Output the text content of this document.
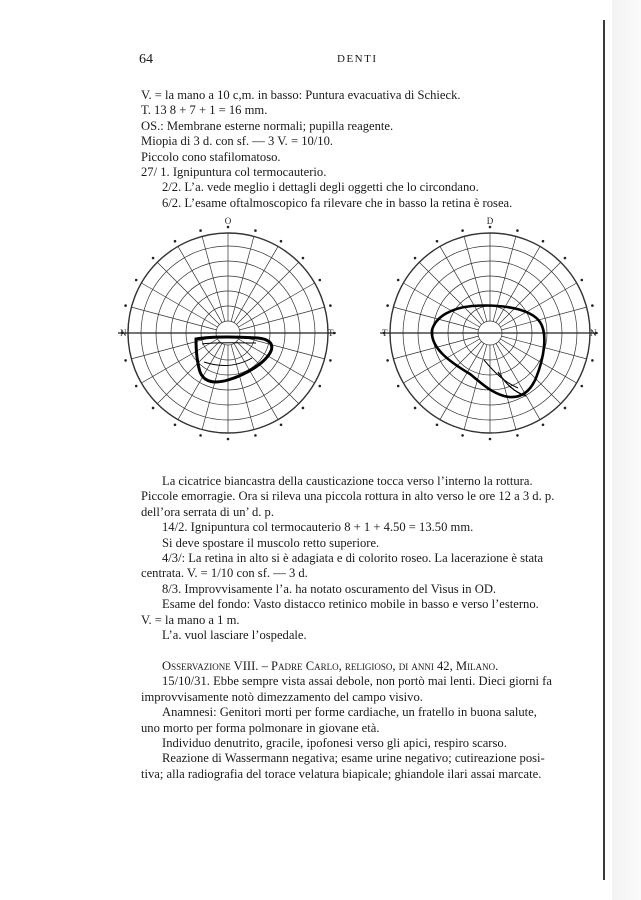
64	DENTI
V. = la mano a 10 c,m. in basso: Puntura evacuativa di Schieck.
T. 13 8 + 7 + 1 = 16 mm.
OS.: Membrane esterne normali; pupilla reagente.
Miopia di 3 d. con sf. — 3 V. = 10/10.
Piccolo cono stafilomatoso.
27/ 1. Ignipuntura col termocauterio.
2/2. L’a. vede meglio i dettagli degli oggetti che lo circondano.
6/2. L’esame oftalmoscopico fa rilevare che in basso la retina è rosea.
O
N	T
D
T	N
La cicatrice biancastra della causticazione tocca verso l’interno la rottura.
Piccole emorragie. Ora si rileva una piccola rottura in alto verso le ore 12 a 3 d. p.
dell’ora serrata di un’ d. p.
14/2. Ignipuntura col termocauterio 8 + 1 + 4.50 = 13.50 mm.
Si deve spostare il muscolo retto superiore.
4/3/: La retina in alto si è adagiata e di colorito roseo. La lacerazione è stata
centrata. V. = 1/10 con sf. — 3 d.
8/3. Improvvisamente l’a. ha notato oscuramento del Visus in OD.
Esame del fondo: Vasto distacco retinico mobile in basso e verso l’esterno.
V. = la mano a 1 m.
L’a. vuol lasciare l’ospedale.

Osservazione VIII. – Padre Carlo, religioso, di anni 42, Milano.
15/10/31. Ebbe sempre vista assai debole, non portò mai lenti. Dieci giorni fa
improvvisamente notò dimezzamento del campo visivo.
Anamnesi: Genitori morti per forme cardiache, un fratello in buona salute,
uno morto per forma polmonare in giovane età.
Individuo denutrito, gracile, ipofonesi verso gli apici, respiro scarso.
Reazione di Wassermann negativa; esame urine negativo; cutireazione posi-
tiva; alla radiografia del torace velatura biapicale; ghiandole ilari assai marcate.
